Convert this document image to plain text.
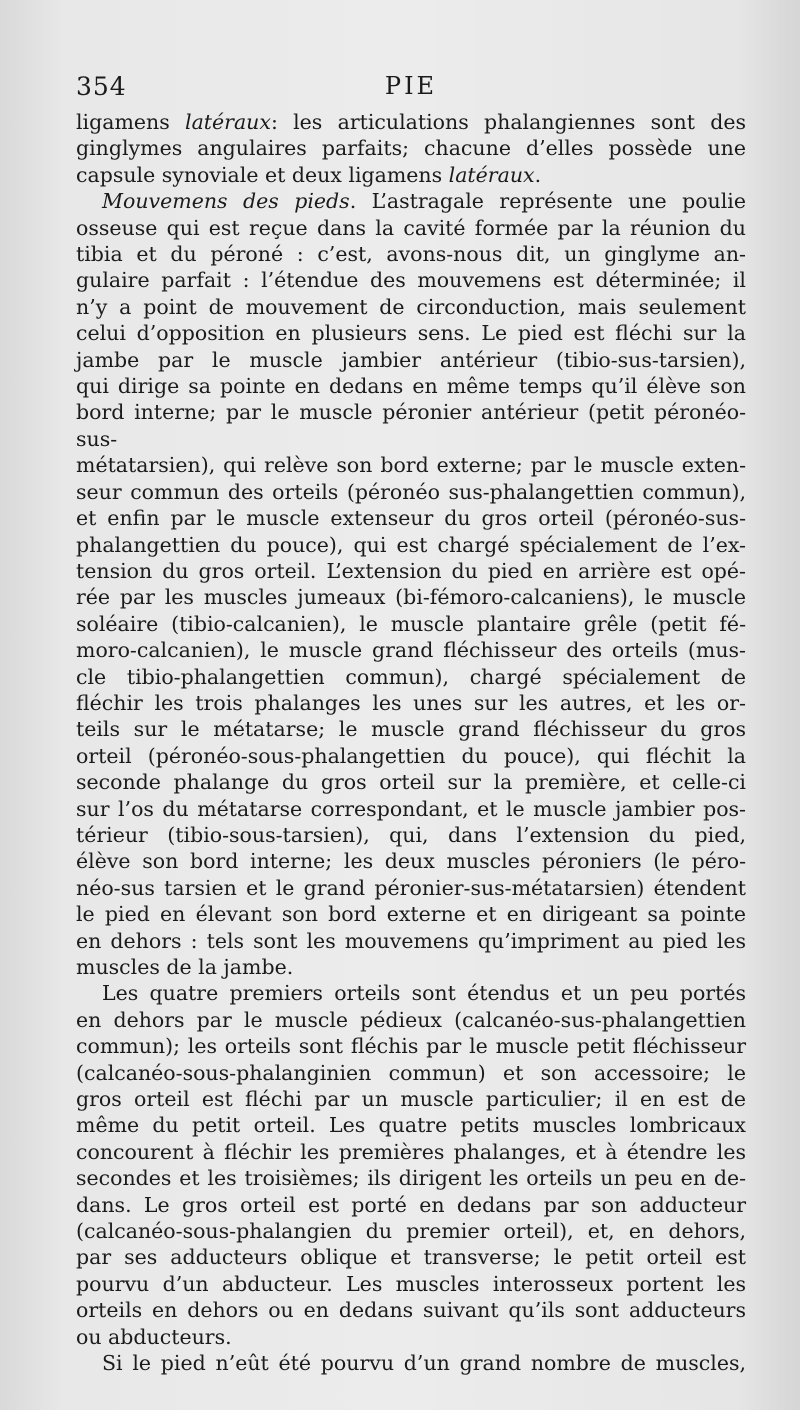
354	PIE

ligamens latéraux: les articulations phalangiennes sont des

ginglymes angulaires parfaits; chacune d’elles possède une

capsule synoviale et deux ligamens latéraux.

Mouvemens des pieds. L’astragale représente une poulie

osseuse qui est reçue dans la cavité formée par la réunion du

tibia et du péroné : c’est, avons-nous dit, un ginglyme an-

gulaire parfait : l’étendue des mouvemens est déterminée; il

n’y a point de mouvement de circonduction, mais seulement

celui d’opposition en plusieurs sens. Le pied est fléchi sur la

jambe par le muscle jambier antérieur (tibio-sus-tarsien),

qui dirige sa pointe en dedans en même temps qu’il élève son

bord interne; par le muscle péronier antérieur (petit péronéo-sus-

métatarsien), qui relève son bord externe; par le muscle exten-

seur commun des orteils (péronéo sus-phalangettien commun),

et enfin par le muscle extenseur du gros orteil (péronéo-sus-

phalangettien du pouce), qui est chargé spécialement de l’ex-

tension du gros orteil. L’extension du pied en arrière est opé-

rée par les muscles jumeaux (bi-fémoro-calcaniens), le muscle

soléaire (tibio-calcanien), le muscle plantaire grêle (petit fé-

moro-calcanien), le muscle grand fléchisseur des orteils (mus-

cle tibio-phalangettien commun), chargé spécialement de

fléchir les trois phalanges les unes sur les autres, et les or-

teils sur le métatarse; le muscle grand fléchisseur du gros

orteil (péronéo-sous-phalangettien du pouce), qui fléchit la

seconde phalange du gros orteil sur la première, et celle-ci

sur l’os du métatarse correspondant, et le muscle jambier pos-

térieur (tibio-sous-tarsien), qui, dans l’extension du pied,

élève son bord interne; les deux muscles péroniers (le péro-

néo-sus tarsien et le grand péronier-sus-métatarsien) étendent

le pied en élevant son bord externe et en dirigeant sa pointe

en dehors : tels sont les mouvemens qu’impriment au pied les

muscles de la jambe.

Les quatre premiers orteils sont étendus et un peu portés

en dehors par le muscle pédieux (calcanéo-sus-phalangettien

commun); les orteils sont fléchis par le muscle petit fléchisseur

(calcanéo-sous-phalanginien commun) et son accessoire; le

gros orteil est fléchi par un muscle particulier; il en est de

même du petit orteil. Les quatre petits muscles lombricaux

concourent à fléchir les premières phalanges, et à étendre les

secondes et les troisièmes; ils dirigent les orteils un peu en de-

dans. Le gros orteil est porté en dedans par son adducteur

(calcanéo-sous-phalangien du premier orteil), et, en dehors,

par ses adducteurs oblique et transverse; le petit orteil est

pourvu d’un abducteur. Les muscles interosseux portent les

orteils en dehors ou en dedans suivant qu’ils sont adducteurs

ou abducteurs.

Si le pied n’eût été pourvu d’un grand nombre de muscles,
